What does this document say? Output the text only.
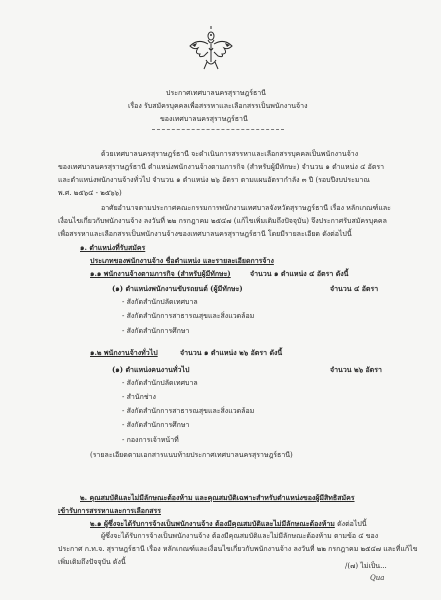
ประกาศเทศบาลนครสุราษฎร์ธานี
เรื่อง รับสมัครบุคคลเพื่อสรรหาและเลือกสรรเป็นพนักงานจ้าง
ของเทศบาลนครสุราษฎร์ธานี
ด้วยเทศบาลนครสุราษฎร์ธานี จะดำเนินการสรรหาและเลือกสรรบุคคลเป็นพนักงานจ้าง
ของเทศบาลนครสุราษฎร์ธานี ตำแหน่งพนักงานจ้างตามภารกิจ (สำหรับผู้มีทักษะ) จำนวน ๑ ตำแหน่ง ๔ อัตรา
และตำแหน่งพนักงานจ้างทั่วไป จำนวน ๑ ตำแหน่ง ๒๖ อัตรา ตามแผนอัตรากำลัง ๓ ปี (รอบปีงบประมาณ
พ.ศ. ๒๕๖๔ - ๒๕๖๖)
อาศัยอำนาจตามประกาศคณะกรรมการพนักงานเทศบาลจังหวัดสุราษฎร์ธานี เรื่อง หลักเกณฑ์และ
เงื่อนไขเกี่ยวกับพนักงานจ้าง ลงวันที่ ๒๒ กรกฎาคม ๒๕๔๗ (แก้ไขเพิ่มเติมถึงปัจจุบัน) จึงประกาศรับสมัครบุคคล
เพื่อสรรหาและเลือกสรรเป็นพนักงานจ้างของเทศบาลนครสุราษฎร์ธานี โดยมีรายละเอียด ดังต่อไปนี้
๑. ตำแหน่งที่รับสมัคร
ประเภทของพนักงานจ้าง ชื่อตำแหน่ง และรายละเอียดการจ้าง
๑.๑ พนักงานจ้างตามภารกิจ (สำหรับผู้มีทักษะ)	จำนวน ๑ ตำแหน่ง ๔ อัตรา ดังนี้
(๑) ตำแหน่งพนักงานขับรถยนต์ (ผู้มีทักษะ)	จำนวน ๔ อัตรา
- สังกัดสำนักปลัดเทศบาล
- สังกัดสำนักการสาธารณสุขและสิ่งแวดล้อม
- สังกัดสำนักการศึกษา
๑.๒ พนักงานจ้างทั่วไป	จำนวน ๑ ตำแหน่ง ๒๖ อัตรา ดังนี้
(๑) ตำแหน่งคนงานทั่วไป	จำนวน ๒๖ อัตรา
- สังกัดสำนักปลัดเทศบาล
- สำนักช่าง
- สังกัดสำนักการสาธารณสุขและสิ่งแวดล้อม
- สังกัดสำนักการศึกษา
- กองการเจ้าหน้าที่
(รายละเอียดตามเอกสารแนบท้ายประกาศเทศบาลนครสุราษฎร์ธานี)
๒. คุณสมบัติและไม่มีลักษณะต้องห้าม และคุณสมบัติเฉพาะสำหรับตำแหน่งของผู้มีสิทธิสมัคร
เข้ารับการสรรหาและการเลือกสรร
๒.๑ ผู้ซึ่งจะได้รับการจ้างเป็นพนักงานจ้าง ต้องมีคุณสมบัติและไม่มีลักษณะต้องห้าม ดังต่อไปนี้
ผู้ซึ่งจะได้รับการจ้างเป็นพนักงานจ้าง ต้องมีคุณสมบัติและไม่มีลักษณะต้องห้าม ตามข้อ ๔ ของ
ประกาศ ก.ท.จ. สุราษฎร์ธานี เรื่อง หลักเกณฑ์และเงื่อนไขเกี่ยวกับพนักงานจ้าง ลงวันที่ ๒๒ กรกฎาคม ๒๕๔๗ และที่แก้ไข
เพิ่มเติมถึงปัจจุบัน ดังนี้	/(๗) ไม่เป็น...
Qua
